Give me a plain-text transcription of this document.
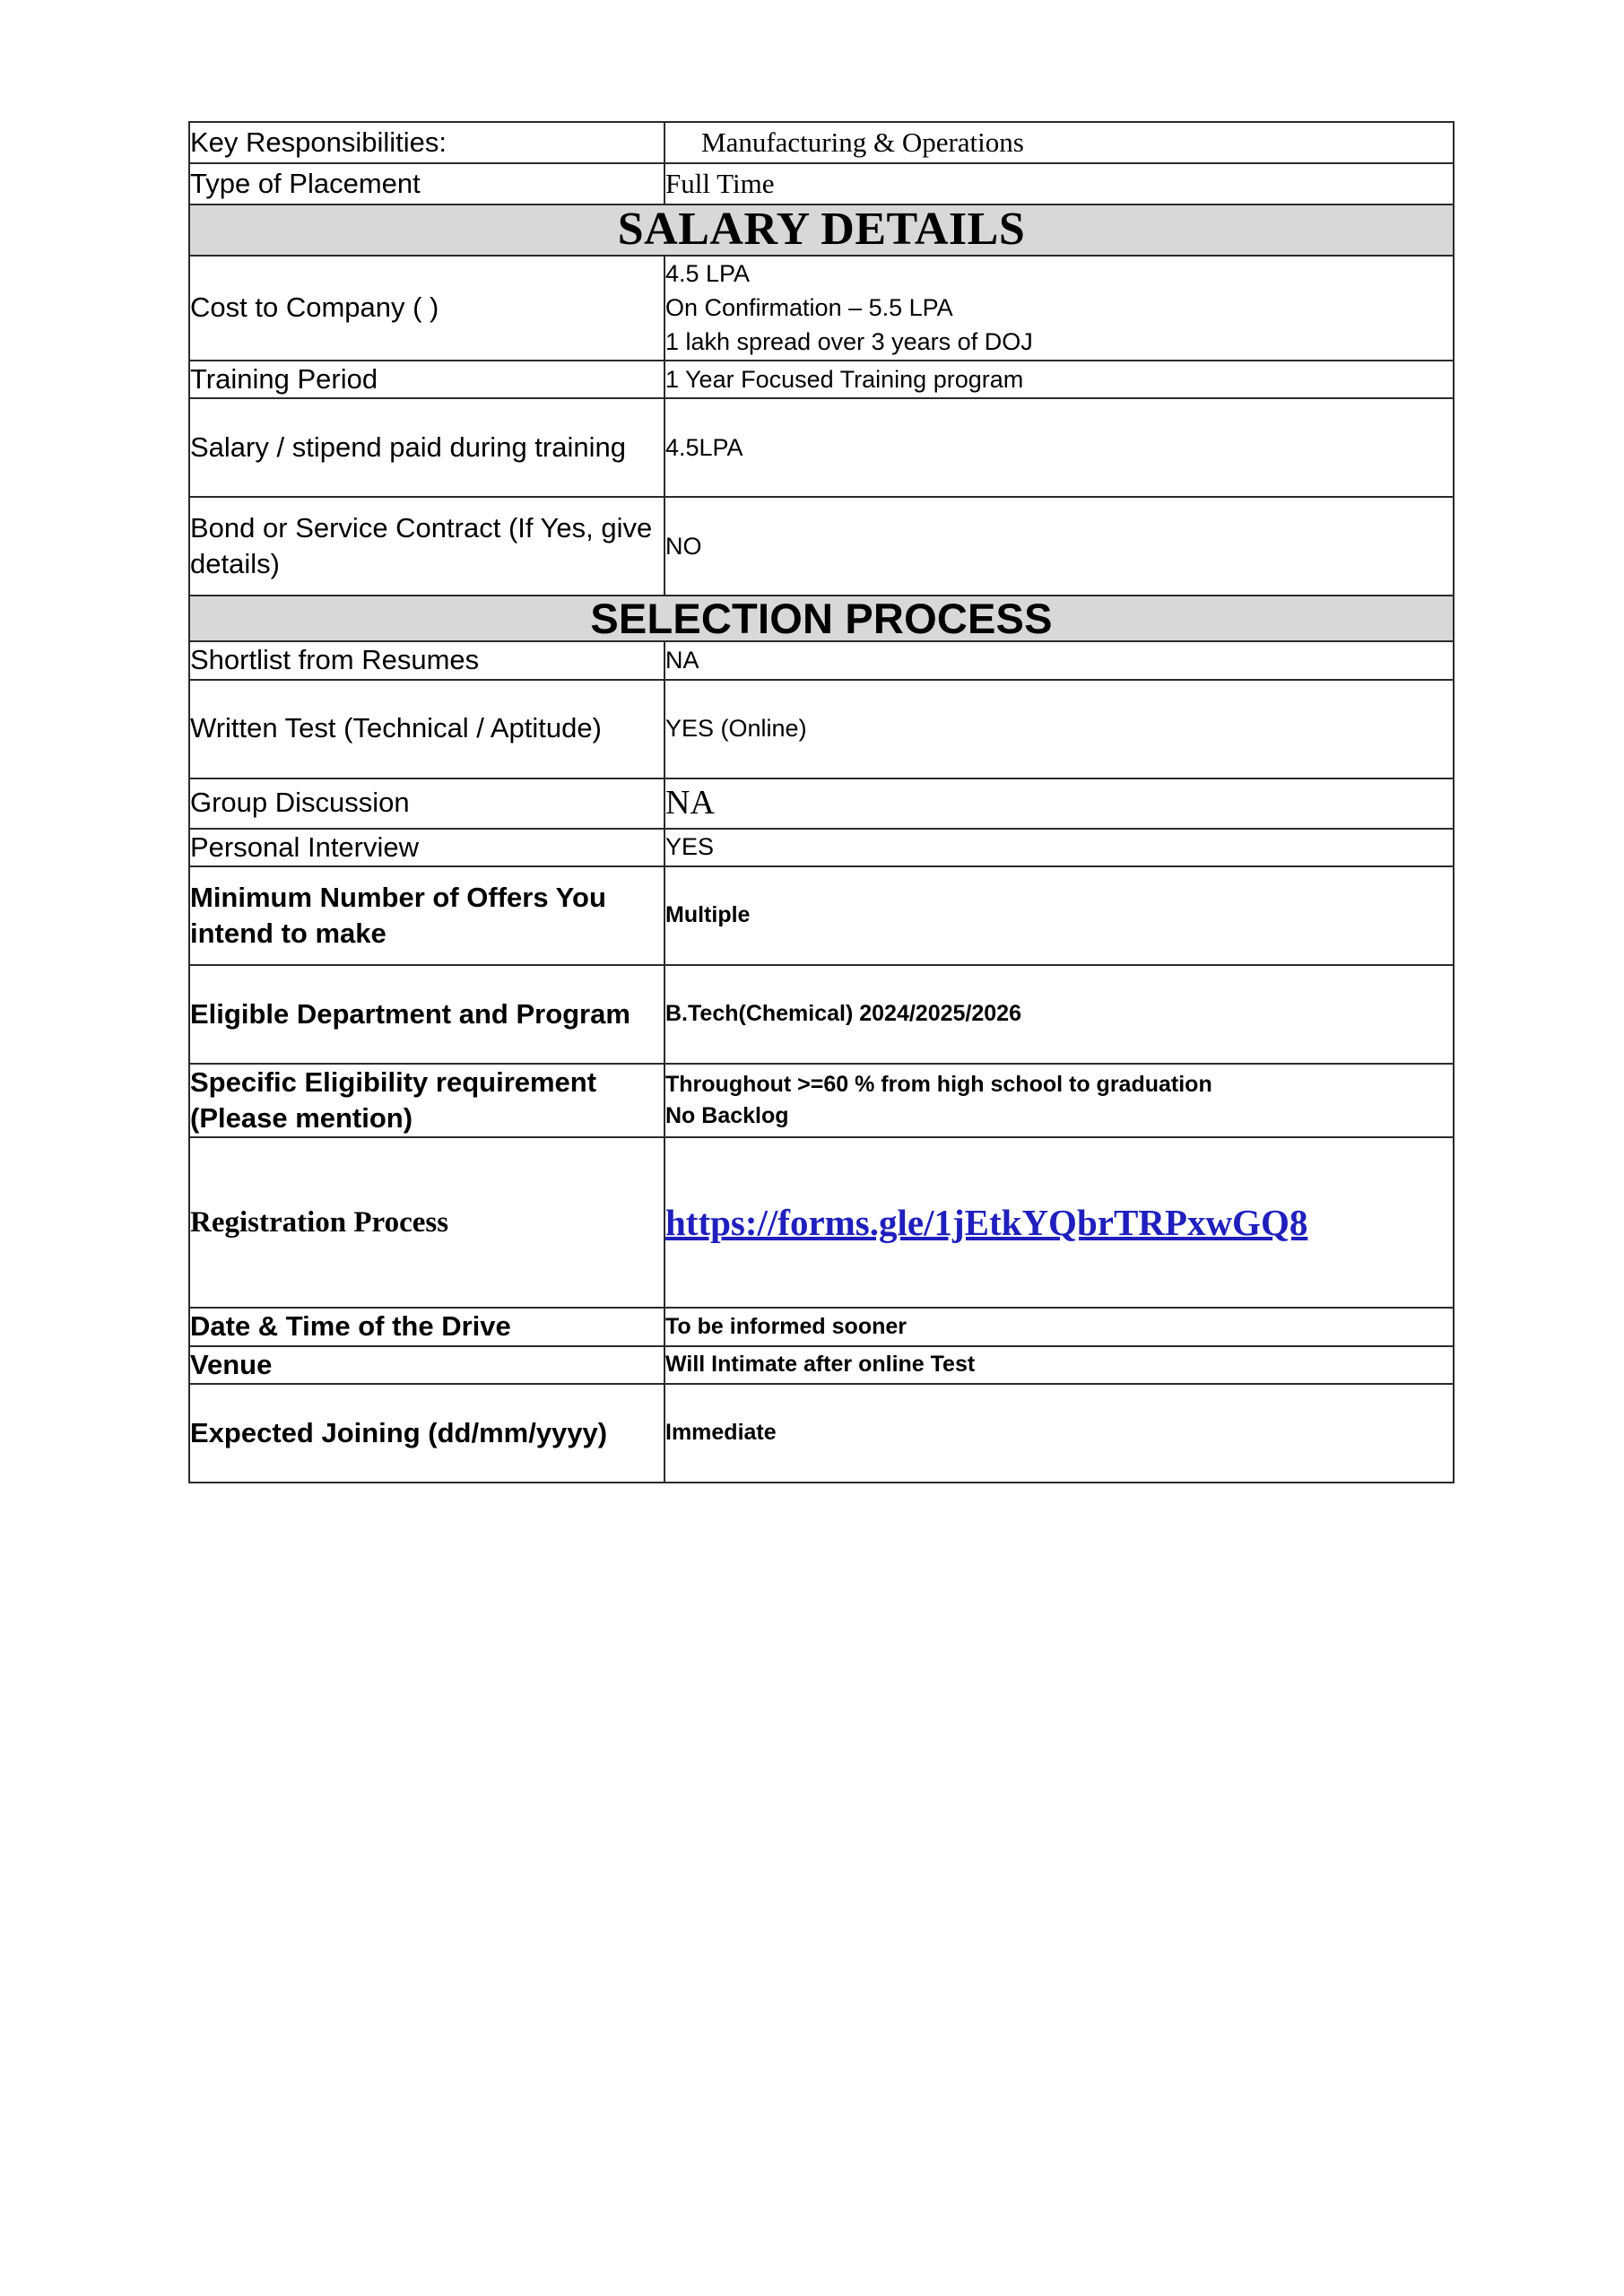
Key Responsibilities:	Manufacturing & Operations

Type of Placement	Full Time

SALARY DETAILS	

Cost to Company ( )	4.5 LPA
On Confirmation – 5.5 LPA
1 lakh spread over 3 years of DOJ

Training Period	1 Year Focused Training program
Salary / stipend paid during training	4.5LPA
Bond or Service Contract (If Yes, give details)	NO

SELECTION PROCESS	

Shortlist from Resumes	NA
Written Test (Technical / Aptitude)	YES (Online)
Group Discussion	NA
Personal Interview	YES
Minimum Number of Offers You intend to make	Multiple
Eligible Department and Program	B.Tech(Chemical) 2024/2025/2026
Specific Eligibility requirement (Please mention)	Throughout >=60 % from high school to graduation
No Backlog

Registration Process	https://forms.gle/1jEtkYQbrTRPxwGQ8
Date & Time of the Drive	To be informed sooner
Venue	Will Intimate after online Test
Expected Joining (dd/mm/yyyy)	Immediate
